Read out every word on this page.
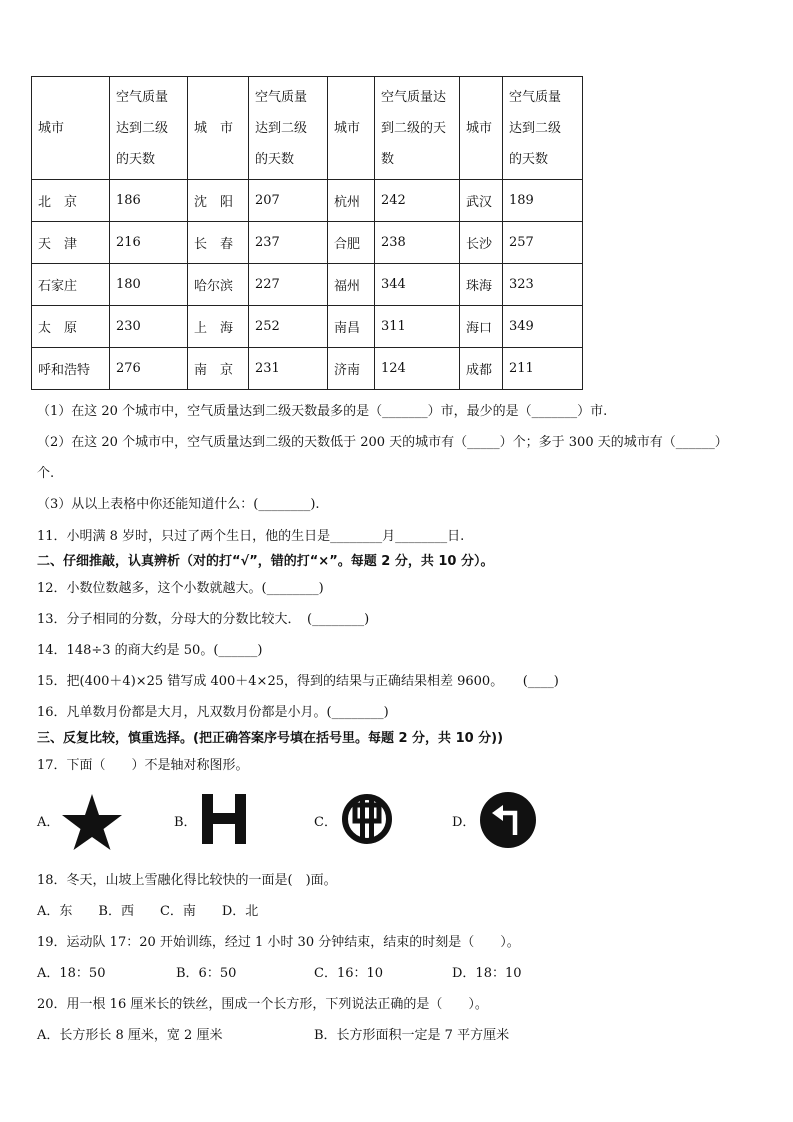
城市	空气质量
达到二级
的天数	城　市	空气质量
达到二级
的天数	城市	空气质量达
到二级的天
数	城市	空气质量
达到二级
的天数
北　京	186	沈　阳	207	杭州	242	武汉	189
天　津	216	长　春	237	合肥	238	长沙	257
石家庄	180	哈尔滨	227	福州	344	珠海	323
太　原	230	上　海	252	南昌	311	海口	349
呼和浩特	276	南　京	231	济南	124	成都	211
（1）在这 20 个城市中，空气质量达到二级天数最多的是（_______）市，最少的是（_______）市.
（2）在这 20 个城市中，空气质量达到二级的天数低于 200 天的城市有（_____）个；多于 300 天的城市有（______）
个.
（3）从以上表格中你还能知道什么：(________).
11．小明满 8 岁时，只过了两个生日，他的生日是________月________日.
二、仔细推敲，认真辨析（对的打“√”，错的打“×”。每题 2 分，共 10 分）。
12．小数位数越多，这个小数就越大。(________)
13．分子相同的分数，分母大的分数比较大．　(________)
14．148÷3 的商大约是 50。(______)
15．把(400＋4)×25 错写成 400＋4×25，得到的结果与正确结果相差 9600。　　(____)
16．凡单数月份都是大月，凡双数月份都是小月。(________)
三、反复比较，慎重选择。(把正确答案序号填在括号里。每题 2 分，共 10 分))
17．下面（　　）不是轴对称图形。
A．	B．	C．	D．
18．冬天，山坡上雪融化得比较快的一面是(　)面。
A．东　　B．西　　C．南　　D．北
19．运动队 17：20 开始训练，经过 1 小时 30 分钟结束，结束的时刻是（　　）。
A．18：50	B．6：50	C．16：10	D．18：10
20．用一根 16 厘米长的铁丝，围成一个长方形，下列说法正确的是（　　）。
A．长方形长 8 厘米，宽 2 厘米	B．长方形面积一定是 7 平方厘米
